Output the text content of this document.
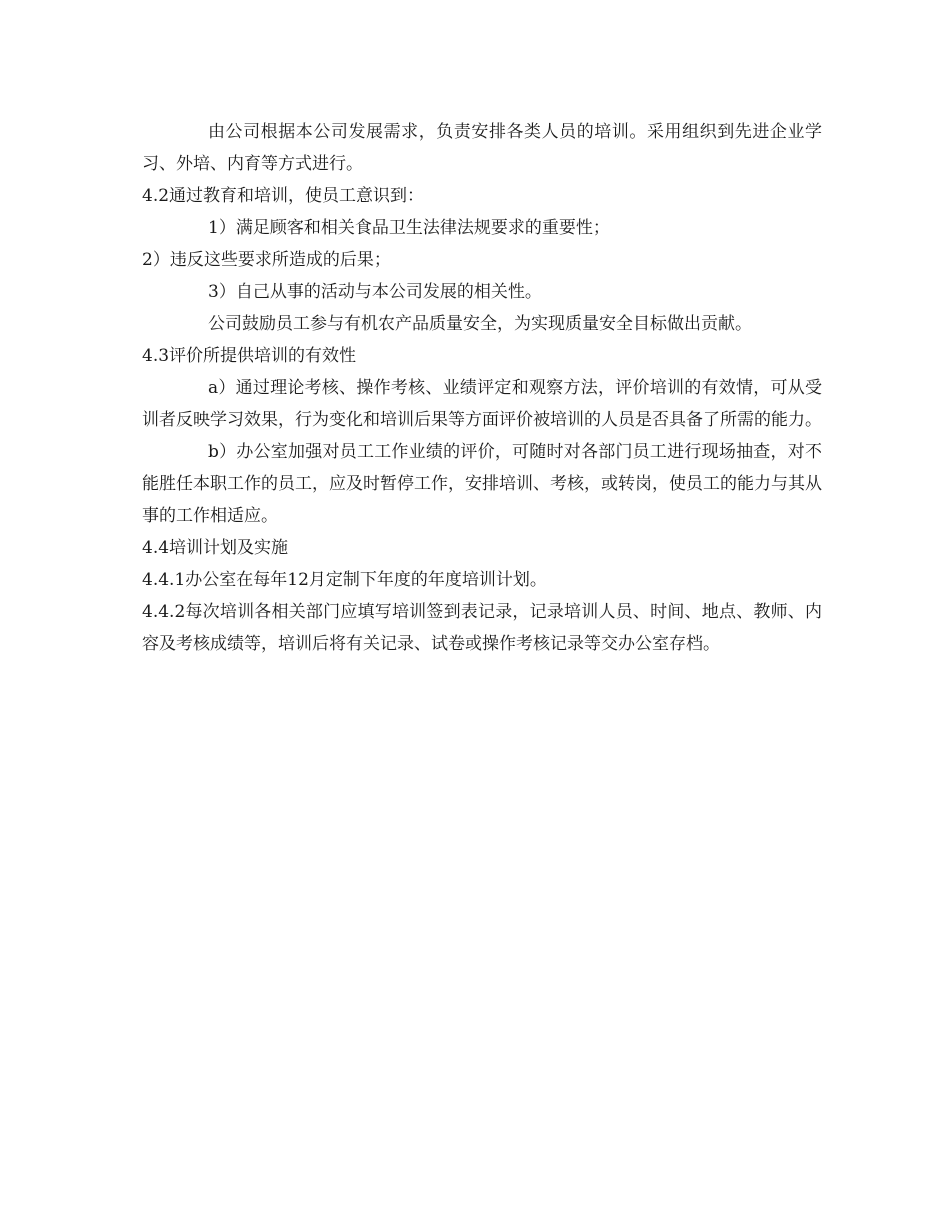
由公司根据本公司发展需求，负责安排各类人员的培训。采用组织到先进企业学习、外培、内育等方式进行。

4.2通过教育和培训，使员工意识到：

1）满足顾客和相关食品卫生法律法规要求的重要性；

2）违反这些要求所造成的后果；

3）自己从事的活动与本公司发展的相关性。

公司鼓励员工参与有机农产品质量安全，为实现质量安全目标做出贡献。

4.3评价所提供培训的有效性

a）通过理论考核、操作考核、业绩评定和观察方法，评价培训的有效情，可从受训者反映学习效果，行为变化和培训后果等方面评价被培训的人员是否具备了所需的能力。

b）办公室加强对员工工作业绩的评价，可随时对各部门员工进行现场抽查，对不能胜任本职工作的员工，应及时暂停工作，安排培训、考核，或转岗，使员工的能力与其从事的工作相适应。

4.4培训计划及实施

4.4.1办公室在每年12月定制下年度的年度培训计划。

4.4.2每次培训各相关部门应填写培训签到表记录，记录培训人员、时间、地点、教师、内容及考核成绩等，培训后将有关记录、试卷或操作考核记录等交办公室存档。
